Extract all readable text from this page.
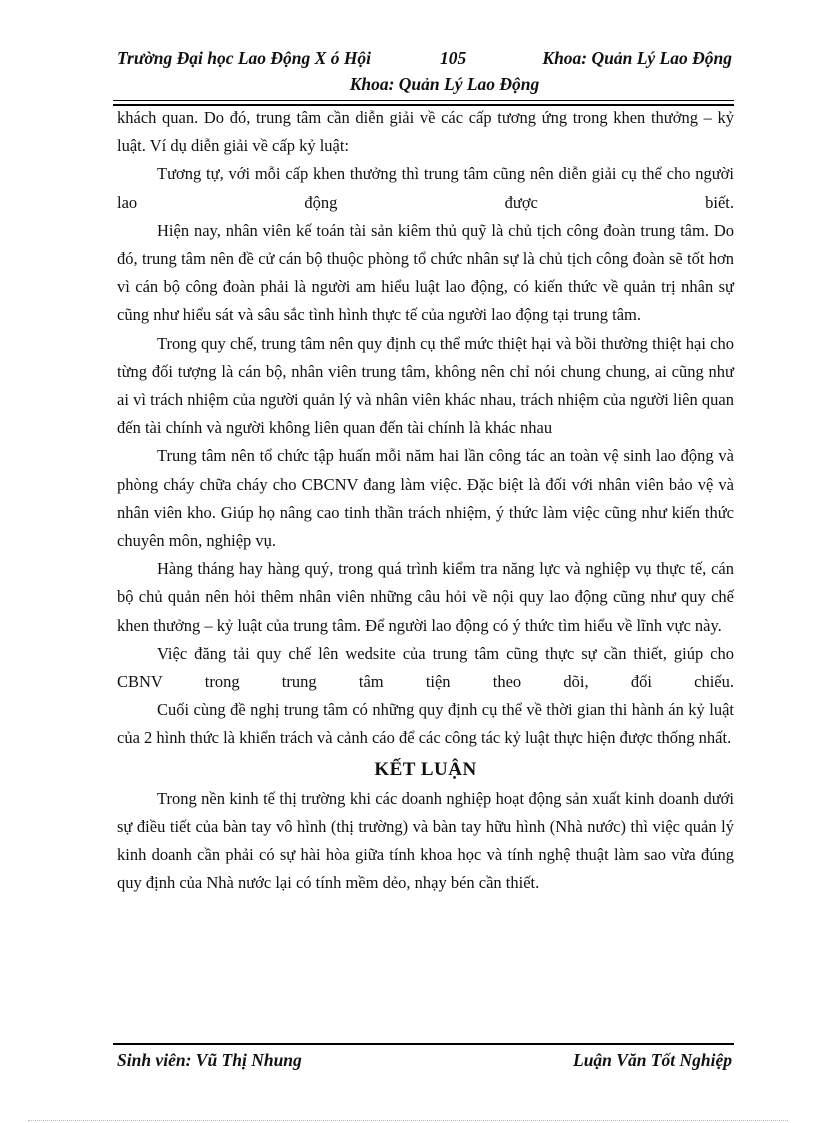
Trường Đại học Lao Động X ó Hội	105	Khoa: Quản Lý Lao Động
Khoa: Quản Lý Lao Động

khách quan. Do đó, trung tâm cần diễn giải về các cấp tương ứng trong khen thưởng – kỷ luật. Ví dụ diễn giải về cấp kỷ luật:

Tương tự, với mỗi cấp khen thưởng thì trung tâm cũng nên diễn giải cụ thể cho người lao động được biết.

Hiện nay, nhân viên kế toán tài sản kiêm thủ quỹ là chủ tịch công đoàn trung tâm. Do đó, trung tâm nên đề cử cán bộ thuộc phòng tổ chức nhân sự là chủ tịch công đoàn sẽ tốt hơn vì cán bộ công đoàn phải là người am hiểu luật lao động, có kiến thức về quản trị nhân sự cũng như hiểu sát và sâu sắc tình hình thực tế của người lao động tại trung tâm.

Trong quy chế, trung tâm nên quy định cụ thể mức thiệt hại và bồi thường thiệt hại cho từng đối tượng là cán bộ, nhân viên trung tâm, không nên chỉ nói chung chung, ai cũng như ai vì trách nhiệm của người quản lý và nhân viên khác nhau, trách nhiệm của người liên quan đến tài chính và người không liên quan đến tài chính là khác nhau

Trung tâm nên tổ chức tập huấn mỗi năm hai lần công tác an toàn vệ sinh lao động và phòng cháy chữa cháy cho CBCNV đang làm việc. Đặc biệt là đối với nhân viên bảo vệ và nhân viên kho. Giúp họ nâng cao tinh thần trách nhiệm, ý thức làm việc cũng như kiến thức chuyên môn, nghiệp vụ.

Hàng tháng hay hàng quý, trong quá trình kiểm tra năng lực và nghiệp vụ thực tế, cán bộ chủ quản nên hỏi thêm nhân viên những câu hỏi về nội quy lao động cũng như quy chế khen thưởng – kỷ luật của trung tâm. Để người lao động có ý thức tìm hiểu về lĩnh vực này.

Việc đăng tải quy chế lên wedsite của trung tâm cũng thực sự cần thiết, giúp cho CBNV trong trung tâm tiện theo dõi, đối chiếu.

Cuối cùng đề nghị trung tâm có những quy định cụ thể về thời gian thi hành án kỷ luật của 2 hình thức là khiển trách và cảnh cáo để các công tác kỷ luật thực hiện được thống nhất.

KẾT LUẬN

Trong nền kinh tế thị trường khi các doanh nghiệp hoạt động sản xuất kinh doanh dưới sự điều tiết của bàn tay vô hình (thị trường) và bàn tay hữu hình (Nhà nước) thì việc quản lý kinh doanh cần phải có sự hài hòa giữa tính khoa học và tính nghệ thuật làm sao vừa đúng quy định của Nhà nước lại có tính mềm dẻo, nhạy bén cần thiết.

Sinh viên: Vũ Thị Nhung	Luận Văn Tốt Nghiệp
